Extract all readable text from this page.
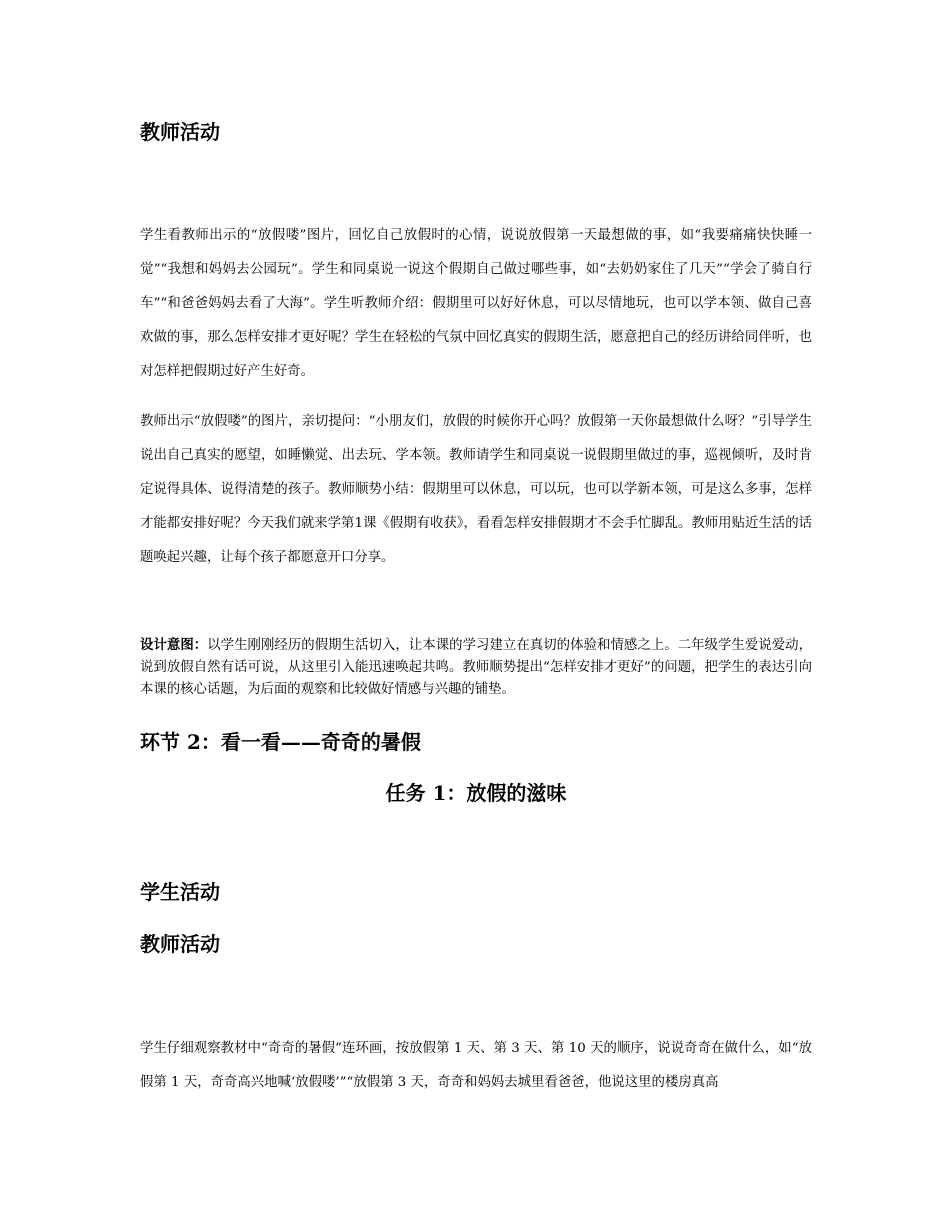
教师活动
学生看教师出示的“放假喽”图片，回忆自己放假时的心情，说说放假第一天最想做的事，如“我要痛痛快快睡一觉”“我想和妈妈去公园玩”。学生和同桌说一说这个假期自己做过哪些事，如“去奶奶家住了几天”“学会了骑自行车”“和爸爸妈妈去看了大海”。学生听教师介绍：假期里可以好好休息，可以尽情地玩，也可以学本领、做自己喜欢做的事，那么怎样安排才更好呢？学生在轻松的气氛中回忆真实的假期生活，愿意把自己的经历讲给同伴听，也对怎样把假期过好产生好奇。
教师出示“放假喽”的图片，亲切提问：“小朋友们，放假的时候你开心吗？放假第一天你最想做什么呀？”引导学生说出自己真实的愿望，如睡懒觉、出去玩、学本领。教师请学生和同桌说一说假期里做过的事，巡视倾听，及时肯定说得具体、说得清楚的孩子。教师顺势小结：假期里可以休息，可以玩，也可以学新本领，可是这么多事，怎样才能都安排好呢？今天我们就来学第1课《假期有收获》，看看怎样安排假期才不会手忙脚乱。教师用贴近生活的话题唤起兴趣，让每个孩子都愿意开口分享。
设计意图：以学生刚刚经历的假期生活切入，让本课的学习建立在真切的体验和情感之上。二年级学生爱说爱动，说到放假自然有话可说，从这里引入能迅速唤起共鸣。教师顺势提出“怎样安排才更好”的问题，把学生的表达引向本课的核心话题，为后面的观察和比较做好情感与兴趣的铺垫。
环节 2：看一看——奇奇的暑假
任务 1：放假的滋味
学生活动
教师活动
学生仔细观察教材中“奇奇的暑假”连环画，按放假第 1 天、第 3 天、第 10 天的顺序，说说奇奇在做什么，如“放假第 1 天，奇奇高兴地喊‘放假喽’”“放假第 3 天，奇奇和妈妈去城里看爸爸，他说这里的楼房真高
